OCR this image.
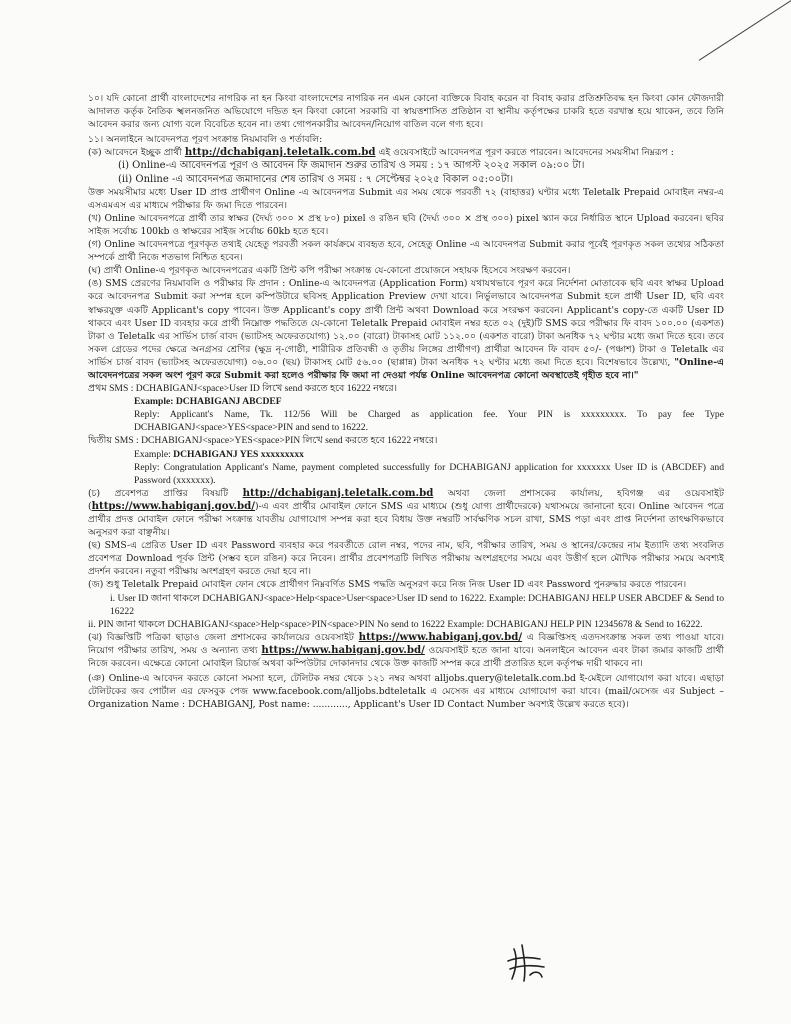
১০। যদি কোনো প্রার্থী বাংলাদেশের নাগরিক না হন কিংবা বাংলাদেশের নাগরিক নন এমন কোনো ব্যক্তিকে বিবাহ করেন বা বিবাহ করার প্রতিশ্রুতিবদ্ধ হন কিংবা কোন ফৌজদারী আদালত কর্তৃক নৈতিক স্খলনজনিত অভিযোগে দন্ডিত হন কিংবা কোনো সরকারি বা স্বায়ত্তশাসিত প্রতিষ্ঠান বা স্থানীয় কর্তৃপক্ষের চাকরি হতে বরখাস্ত হয়ে থাকেন, তবে তিনি আবেদন করার জন্য যোগ্য বলে বিবেচিত হবেন না। তথ্য গোপনকারীর আবেদন/নিয়োগ বাতিল বলে গণ্য হবে।

১১। অনলাইনে আবেদনপত্র পূরণ সংক্রান্ত নিয়মাবলি ও শর্তাবলি:

(ক) আবেদনে ইচ্ছুক প্রার্থী http://dchabiganj.teletalk.com.bd এই ওয়েবসাইটে আবেদনপত্র পূরণ করতে পারবেন। আবেদনের সময়সীমা নিম্নরূপ :

(i) Online-এ আবেদনপত্র পূরণ ও আবেদন ফি জমাদান শুরুর তারিখ ও সময় : ১৭ আগস্ট ২০২৫ সকাল ০৯:০০ টা।

(ii) Online -এ আবেদনপত্র জমাদানের শেষ তারিখ ও সময় : ৭ সেপ্টেম্বর ২০২৫ বিকাল ০৫:০০টা।

উক্ত সময়সীমার মধ্যে User ID প্রাপ্ত প্রার্থীগণ Online -এ আবেদনপত্র Submit এর সময় থেকে পরবর্তী ৭২ (বাহাত্তর) ঘণ্টার মধ্যে Teletalk Prepaid মোবাইল নম্বর-এ এসএমএস এর মাধ্যমে পরীক্ষার ফি জমা দিতে পারবেন।

(খ) Online আবেদনপত্রে প্রার্থী তার স্বাক্ষর (দৈর্ঘ্য ৩০০ × প্রস্থ ৮০) pixel ও রঙিন ছবি (দৈর্ঘ্য ৩০০ × প্রস্থ ৩০০) pixel স্ক্যান করে নির্ধারিত স্থানে Upload করবেন। ছবির সাইজ সর্বোচ্চ 100kb ও স্বাক্ষরের সাইজ সর্বোচ্চ 60kb হতে হবে।

(গ) Online আবেদনপত্রে পূরণকৃত তথ্যই যেহেতু পরবর্তী সকল কার্যক্রমে ব্যবহৃত হবে, সেহেতু Online -এ আবেদনপত্র Submit করার পূর্বেই পূরণকৃত সকল তথ্যের সঠিকতা সম্পর্কে প্রার্থী নিজে শতভাগ নিশ্চিত হবেন।

(ঘ) প্রার্থী Online-এ পূরণকৃত আবেদনপত্রের একটি প্রিন্ট কপি পরীক্ষা সংক্রান্ত যে-কোনো প্রয়োজনে সহায়ক হিসেবে সংরক্ষণ করবেন।

(ঙ) SMS প্রেরণের নিয়মাবলি ও পরীক্ষার ফি প্রদান : Online-এ আবেদনপত্র (Application Form) যথাযথভাবে পূরণ করে নির্দেশনা মোতাবেক ছবি এবং স্বাক্ষর Upload করে আবেদনপত্র Submit করা সম্পন্ন হলে কম্পিউটারে ছবিসহ Application Preview দেখা যাবে। নির্ভুলভাবে আবেদনপত্র Submit হলে প্রার্থী User ID, ছবি এবং স্বাক্ষরযুক্ত একটি Applicant's copy পাবেন। উক্ত Applicant's copy প্রার্থী প্রিন্ট অথবা Download করে সংরক্ষণ করবেন। Applicant's copy-তে একটি User ID থাকবে এবং User ID ব্যবহার করে প্রার্থী নিম্নোক্ত পদ্ধতিতে যে-কোনো Teletalk Prepaid মোবাইল নম্বর হতে ০২ (দুই)টি SMS করে পরীক্ষার ফি বাবদ ১০০.০০ (একশত) টাকা ও Teletalk এর সার্ভিস চার্জ বাবদ (ভ্যাটসহ অফেরতযোগ্য) ১২.০০ (বারো) টাকাসহ মোট ১১২.০০ (একশত বারো) টাকা অনধিক ৭২ ঘণ্টার মধ্যে জমা দিতে হবে। তবে সকল গ্রেডের পদের ক্ষেত্রে অনগ্রসর শ্রেণির (ক্ষুদ্র নৃ-গোষ্ঠী, শারীরিক প্রতিবন্ধী ও তৃতীয় লিঙ্গের প্রার্থীগণ) প্রার্থীরা আবেদন ফি বাবদ ৫০/- (পঞ্চাশ) টাকা ও Teletalk এর সার্ভিস চার্জ বাবদ (ভ্যাটসহ অফেরতযোগ্য) ০৬.০০ (ছয়) টাকাসহ মোট ৫৬.০০ (ছাপ্পান্ন) টাকা অনধিক ৭২ ঘণ্টার মধ্যে জমা দিতে হবে। বিশেষভাবে উল্লেখ্য, "Online-এ আবেদনপত্রের সকল অংশ পূরণ করে Submit করা হলেও পরীক্ষার ফি জমা না দেওয়া পর্যন্ত Online আবেদনপত্র কোনো অবস্থাতেই গৃহীত হবে না।"

প্রথম SMS : DCHABIGANJ<space>User ID লিখে send করতে হবে 16222 নম্বরে।

Example: DCHABIGANJ ABCDEF

Reply: Applicant's Name, Tk. 112/56 Will be Charged as application fee. Your PIN is xxxxxxxxx. To pay fee Type DCHABIGANJ<space>YES<space>PIN and send to 16222.

দ্বিতীয় SMS : DCHABIGANJ<space>YES<space>PIN লিখে send করতে হবে 16222 নম্বরে।

Example: DCHABIGANJ YES xxxxxxxxx

Reply: Congratulation Applicant's Name, payment completed successfully for DCHABIGANJ application for xxxxxxx User ID is (ABCDEF) and Password (xxxxxxx).

(চ) প্রবেশপত্র প্রাপ্তির বিষয়টি http://dchabiganj.teletalk.com.bd অথবা জেলা প্রশাসকের কার্যালয়, হবিগঞ্জ এর ওয়েবসাইট (https://www.habiganj.gov.bd/)-এ এবং প্রার্থীর মোবাইল ফোনে SMS এর মাধ্যমে (শুধু যোগ্য প্রার্থীদেরকে) যথাসময়ে জানানো হবে। Online আবেদন পত্রে প্রার্থীর প্রদত্ত মোবাইল ফোনে পরীক্ষা সংক্রান্ত যাবতীয় যোগাযোগ সম্পন্ন করা হবে বিধায় উক্ত নম্বরটি সার্বক্ষণিক সচল রাখা, SMS পড়া এবং প্রাপ্ত নির্দেশনা তাৎক্ষণিকভাবে অনুসরণ করা বাঞ্ছনীয়।

(ছ) SMS-এ প্রেরিত User ID এবং Password ব্যবহার করে পরবর্তীতে রোল নম্বর, পদের নাম, ছবি, পরীক্ষার তারিখ, সময় ও স্থানের/কেন্দ্রের নাম ইত্যাদি তথ্য সংবলিত প্রবেশপত্র Download পূর্বক প্রিন্ট (সম্ভব হলে রঙিন) করে নিবেন। প্রার্থীর প্রবেশপত্রটি লিখিত পরীক্ষায় অংশগ্রহণের সময়ে এবং উত্তীর্ণ হলে মৌখিক পরীক্ষার সময়ে অবশ্যই প্রদর্শন করবেন। নতুবা পরীক্ষায় অংশগ্রহণ করতে দেয়া হবে না।

(জ) শুধু Teletalk Prepaid মোবাইল ফোন থেকে প্রার্থীগণ নিম্নবর্ণিত SMS পদ্ধতি অনুসরণ করে নিজ নিজ User ID এবং Password পুনরুদ্ধার করতে পারবেন।

i. User ID জানা থাকলে DCHABIGANJ<space>Help<space>User<space>User ID send to 16222. Example: DCHABIGANJ HELP USER ABCDEF & Send to 16222

ii. PIN জানা থাকলে DCHABIGANJ<space>Help<space>PIN<space>PIN No send to 16222 Example: DCHABIGANJ HELP PIN 12345678 & Send to 16222.

(ঝ) বিজ্ঞপ্তিটি পত্রিকা ছাড়াও জেলা প্রশাসকের কার্যালয়ের ওয়েবসাইট https://www.habiganj.gov.bd/ এ বিজ্ঞপ্তিসহ এতদসংক্রান্ত সকল তথ্য পাওয়া যাবে। নিয়োগ পরীক্ষার তারিখ, সময় ও অন্যান্য তথ্য https://www.habiganj.gov.bd/ ওয়েবসাইট হতে জানা যাবে। অনলাইনে আবেদন এবং টাকা জমার কাজটি প্রার্থী নিজে করবেন। এক্ষেত্রে কোনো মোবাইল রিচার্জ অথবা কম্পিউটার দোকানদার থেকে উক্ত কাজটি সম্পন্ন করে প্রার্থী প্রতারিত হলে কর্তৃপক্ষ দায়ী থাকবে না।

(ঞ) Online-এ আবেদন করতে কোনো সমস্যা হলে, টেলিটক নম্বর থেকে ১২১ নম্বর অথবা alljobs.query@teletalk.com.bd ই-মেইলে যোগাযোগ করা যাবে। এছাড়া টেলিটকের জব পোর্টাল এর ফেসবুক পেজ www.facebook.com/alljobs.bdteletalk এ মেসেজ এর মাধ্যমে যোগাযোগ করা যাবে। (mail/মেসেজ এর Subject – Organization Name : DCHABIGANJ, Post name: ............, Applicant's User ID Contact Number অবশ্যই উল্লেখ করতে হবে)।
